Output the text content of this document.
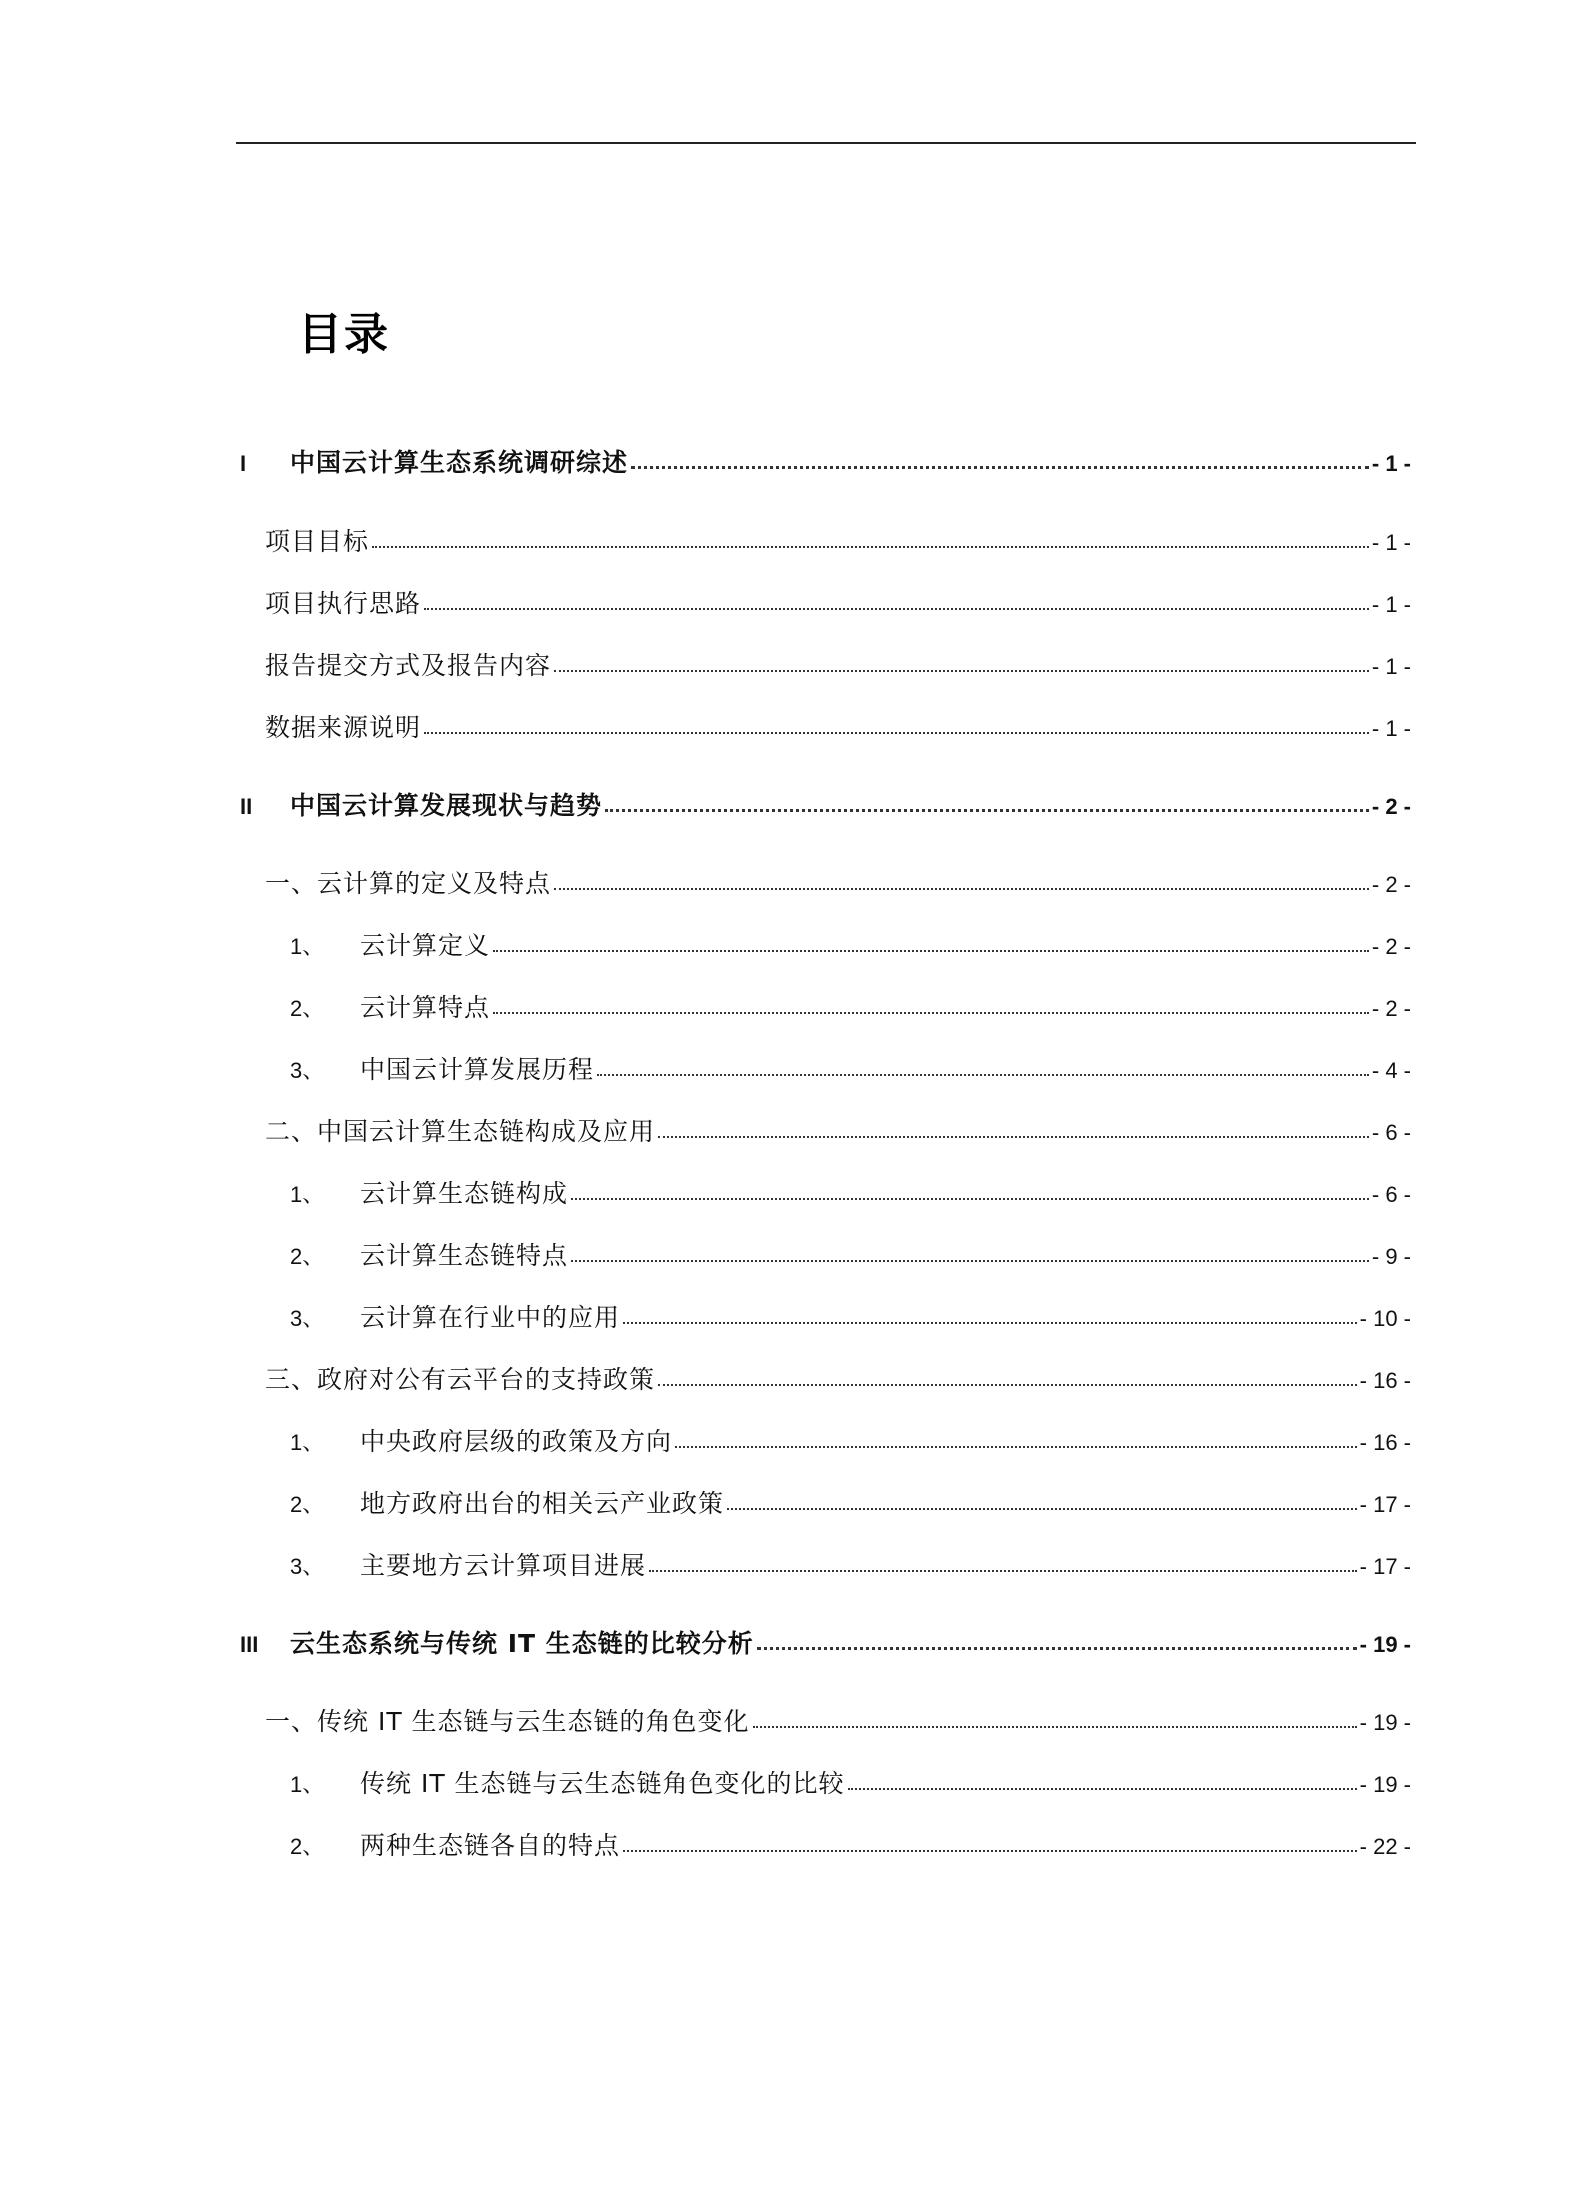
目录
I	中国云计算生态系统调研综述	- 1 -
项目目标	- 1 -
项目执行思路	- 1 -
报告提交方式及报告内容	- 1 -
数据来源说明	- 1 -
II	中国云计算发展现状与趋势	- 2 -
一、云计算的定义及特点	- 2 -
1、	云计算定义	- 2 -
2、	云计算特点	- 2 -
3、	中国云计算发展历程	- 4 -
二、中国云计算生态链构成及应用	- 6 -
1、	云计算生态链构成	- 6 -
2、	云计算生态链特点	- 9 -
3、	云计算在行业中的应用	- 10 -
三、政府对公有云平台的支持政策	- 16 -
1、	中央政府层级的政策及方向	- 16 -
2、	地方政府出台的相关云产业政策	- 17 -
3、	主要地方云计算项目进展	- 17 -
III	云生态系统与传统 IT 生态链的比较分析	- 19 -
一、传统 IT 生态链与云生态链的角色变化	- 19 -
1、	传统 IT 生态链与云生态链角色变化的比较	- 19 -
2、	两种生态链各自的特点	- 22 -
